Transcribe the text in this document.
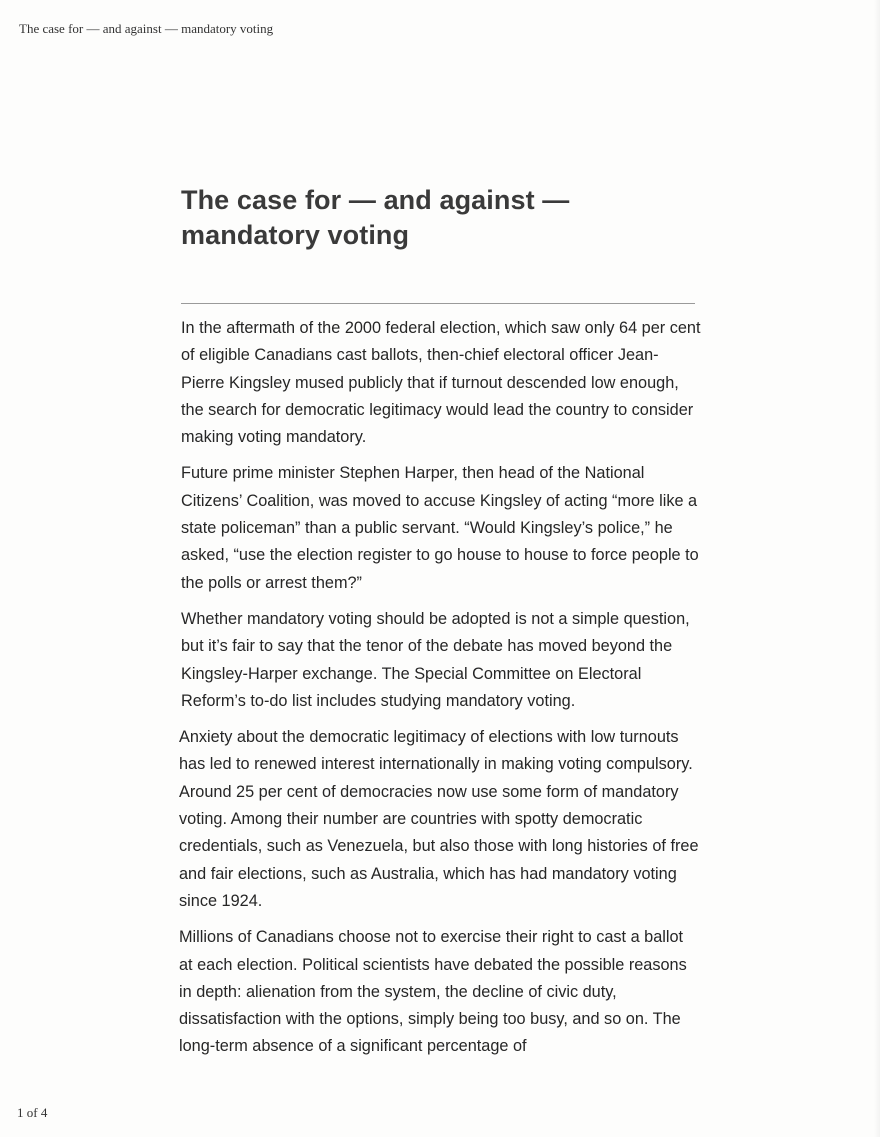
The case for — and against — mandatory voting
The case for — and against —
mandatory voting

In the aftermath of the 2000 federal election, which saw only 64 per cent of eligible Canadians cast ballots, then-chief electoral officer Jean-Pierre Kingsley mused publicly that if turnout descended low enough, the search for democratic legitimacy would lead the country to consider making voting mandatory.

Future prime minister Stephen Harper, then head of the National Citizens’ Coalition, was moved to accuse Kingsley of acting “more like a state policeman” than a public servant. “Would Kingsley’s police,” he asked, “use the election register to go house to house to force people to the polls or arrest them?”

Whether mandatory voting should be adopted is not a simple question, but it’s fair to say that the tenor of the debate has moved beyond the Kingsley-Harper exchange. The Special Committee on Electoral Reform’s to-do list includes studying mandatory voting.

Anxiety about the democratic legitimacy of elections with low turnouts has led to renewed interest internationally in making voting compulsory. Around 25 per cent of democracies now use some form of mandatory voting. Among their number are countries with spotty democratic credentials, such as Venezuela, but also those with long histories of free and fair elections, such as Australia, which has had mandatory voting since 1924.

Millions of Canadians choose not to exercise their right to cast a ballot at each election. Political scientists have debated the possible reasons in depth: alienation from the system, the decline of civic duty, dissatisfaction with the options, simply being too busy, and so on. The long-term absence of a significant percentage of

1 of 4
